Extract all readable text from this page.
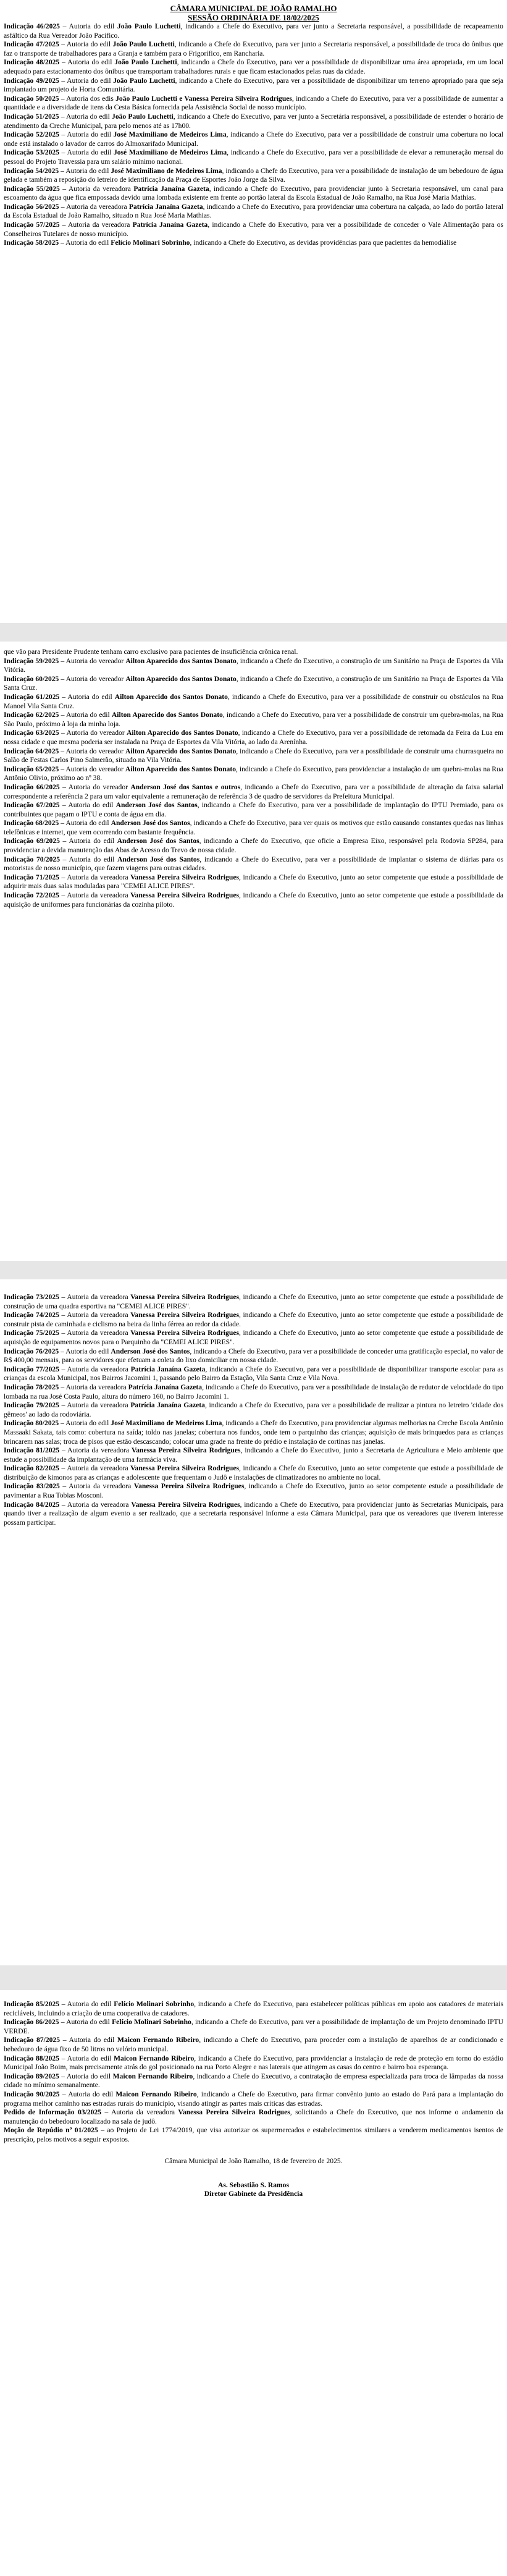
CÂMARA MUNICIPAL DE JOÃO RAMALHO
SESSÃO ORDINÁRIA DE 18/02/2025

Indicação 46/2025 – Autoria do edil João Paulo Luchetti, indicando a Chefe do Executivo, para ver junto a Secretaria responsável, a possibilidade de recapeamento asfáltico da Rua Vereador João Pacífico.

Indicação 47/2025 – Autoria do edil João Paulo Luchetti, indicando a Chefe do Executivo, para ver junto a Secretaria responsável, a possibilidade de troca do ônibus que faz o transporte de trabalhadores para a Granja e também para o Frigorífico, em Rancharia.

Indicação 48/2025 – Autoria do edil João Paulo Luchetti, indicando a Chefe do Executivo, para ver a possibilidade de disponibilizar uma área apropriada, em um local adequado para estacionamento dos ônibus que transportam trabalhadores rurais e que ficam estacionados pelas ruas da cidade.

Indicação 49/2025 – Autoria do edil João Paulo Luchetti, indicando a Chefe do Executivo, para ver a possibilidade de disponibilizar um terreno apropriado para que seja implantado um projeto de Horta Comunitária.

Indicação 50/2025 – Autoria dos edis João Paulo Luchetti e Vanessa Pereira Silveira Rodrigues, indicando a Chefe do Executivo, para ver a possibilidade de aumentar a quantidade e a diversidade de itens da Cesta Básica fornecida pela Assistência Social de nosso município.

Indicação 51/2025 – Autoria do edil João Paulo Luchetti, indicando a Chefe do Executivo, para ver junto a Secretária responsável, a possibilidade de estender o horário de atendimento da Creche Municipal, para pelo menos até as 17h00.

Indicação 52/2025 – Autoria do edil José Maximiliano de Medeiros Lima, indicando a Chefe do Executivo, para ver a possibilidade de construir uma cobertura no local onde está instalado o lavador de carros do Almoxarifado Municipal.

Indicação 53/2025 – Autoria do edil José Maximiliano de Medeiros Lima, indicando a Chefe do Executivo, para ver a possibilidade de elevar a remuneração mensal do pessoal do Projeto Travessia para um salário mínimo nacional.

Indicação 54/2025 – Autoria do edil José Maximiliano de Medeiros Lima, indicando a Chefe do Executivo, para ver a possibilidade de instalação de um bebedouro de água gelada e também a reposição do letreiro de identificação da Praça de Esportes João Jorge da Silva.

Indicação 55/2025 – Autoria da vereadora Patrícia Janaína Gazeta, indicando a Chefe do Executivo, para providenciar junto à Secretaria responsável, um canal para escoamento da água que fica empossada devido uma lombada existente em frente ao portão lateral da Escola Estadual de João Ramalho, na Rua José Maria Mathias.

Indicação 56/2025 – Autoria da vereadora Patrícia Janaína Gazeta, indicando a Chefe do Executivo, para providenciar uma cobertura na calçada, ao lado do portão lateral da Escola Estadual de João Ramalho, situado n Rua José Maria Mathias.

Indicação 57/2025 – Autoria da vereadora Patrícia Janaína Gazeta, indicando a Chefe do Executivo, para ver a possibilidade de conceder o Vale Alimentação para os Conselheiros Tutelares de nosso município.

Indicação 58/2025 – Autoria do edil Felício Molinari Sobrinho, indicando a Chefe do Executivo, as devidas providências para que pacientes da hemodiálise

que vão para Presidente Prudente tenham carro exclusivo para pacientes de insuficiência crônica renal.

Indicação 59/2025 – Autoria do vereador Ailton Aparecido dos Santos Donato, indicando a Chefe do Executivo, a construção de um Sanitário na Praça de Esportes da Vila Vitória.

Indicação 60/2025 – Autoria do vereador Ailton Aparecido dos Santos Donato, indicando a Chefe do Executivo, a construção de um Sanitário na Praça de Esportes da Vila Santa Cruz.

Indicação 61/2025 – Autoria do edil Ailton Aparecido dos Santos Donato, indicando a Chefe do Executivo, para ver a possibilidade de construir ou obstáculos na Rua Manoel Vila Santa Cruz.

Indicação 62/2025 – Autoria do edil Ailton Aparecido dos Santos Donato, indicando a Chefe do Executivo, para ver a possibilidade de construir um quebra-molas, na Rua São Paulo, próximo à loja da minha loja.

Indicação 63/2025 – Autoria do vereador Ailton Aparecido dos Santos Donato, indicando a Chefe do Executivo, para ver a possibilidade de retomada da Feira da Lua em nossa cidade e que mesma poderia ser instalada na Praça de Esportes da Vila Vitória, ao lado da Arenínha.

Indicação 64/2025 – Autoria do vereador Ailton Aparecido dos Santos Donato, indicando a Chefe do Executivo, para ver a possibilidade de construir uma churrasqueira no Salão de Festas Carlos Pino Salmerão, situado na Vila Vitória.

Indicação 65/2025 – Autoria do vereador Ailton Aparecido dos Santos Donato, indicando a Chefe do Executivo, para providenciar a instalação de um quebra-molas na Rua Antônio Olivio, próximo ao nº 38.

Indicação 66/2025 – Autoria do vereador Anderson José dos Santos e outros, indicando a Chefe do Executivo, para ver a possibilidade de alteração da faixa salarial correspondente a referência 2 para um valor equivalente a remuneração de referência 3 de quadro de servidores da Prefeitura Municipal.

Indicação 67/2025 – Autoria do edil Anderson José dos Santos, indicando a Chefe do Executivo, para ver a possibilidade de implantação do IPTU Premiado, para os contribuintes que pagam o IPTU e conta de água em dia.

Indicação 68/2025 – Autoria do edil Anderson José dos Santos, indicando a Chefe do Executivo, para ver quais os motivos que estão causando constantes quedas nas linhas telefônicas e internet, que vem ocorrendo com bastante frequência.

Indicação 69/2025 – Autoria do edil Anderson José dos Santos, indicando a Chefe do Executivo, que oficie a Empresa Eixo, responsável pela Rodovia SP284, para providenciar a devida manutenção das Abas de Acesso do Trevo de nossa cidade.

Indicação 70/2025 – Autoria do edil Anderson José dos Santos, indicando a Chefe do Executivo, para ver a possibilidade de implantar o sistema de diárias para os motoristas de nosso município, que fazem viagens para outras cidades.

Indicação 71/2025 – Autoria da vereadora Vanessa Pereira Silveira Rodrigues, indicando a Chefe do Executivo, junto ao setor competente que estude a possibilidade de adquirir mais duas salas moduladas para "CEMEI ALICE PIRES".

Indicação 72/2025 – Autoria da vereadora Vanessa Pereira Silveira Rodrigues, indicando a Chefe do Executivo, junto ao setor competente que estude a possibilidade da aquisição de uniformes para funcionárias da cozinha piloto.

Indicação 73/2025 – Autoria da vereadora Vanessa Pereira Silveira Rodrigues, indicando a Chefe do Executivo, junto ao setor competente que estude a possibilidade de construção de uma quadra esportiva na "CEMEI ALICE PIRES".

Indicação 74/2025 – Autoria da vereadora Vanessa Pereira Silveira Rodrigues, indicando a Chefe do Executivo, junto ao setor competente que estude a possibilidade de construir pista de caminhada e ciclismo na beira da linha férrea ao redor da cidade.

Indicação 75/2025 – Autoria da vereadora Vanessa Pereira Silveira Rodrigues, indicando a Chefe do Executivo, junto ao setor competente que estude a possibilidade de aquisição de equipamentos novos para o Parquinho da "CEMEI ALICE PIRES".

Indicação 76/2025 – Autoria do edil Anderson José dos Santos, indicando a Chefe do Executivo, para ver a possibilidade de conceder uma gratificação especial, no valor de R$ 400,00 mensais, para os servidores que efetuam a coleta do lixo domiciliar em nossa cidade.

Indicação 77/2025 – Autoria da vereadora Patrícia Janaína Gazeta, indicando a Chefe do Executivo, para ver a possibilidade de disponibilizar transporte escolar para as crianças da escola Municipal, nos Bairros Jacomini 1, passando pelo Bairro da Estação, Vila Santa Cruz e Vila Nova.

Indicação 78/2025 – Autoria da vereadora Patrícia Janaína Gazeta, indicando a Chefe do Executivo, para ver a possibilidade de instalação de redutor de velocidade do tipo lombada na rua José Costa Paulo, altura do número 160, no Bairro Jacomini 1.

Indicação 79/2025 – Autoria da vereadora Patrícia Janaína Gazeta, indicando a Chefe do Executivo, para ver a possibilidade de realizar a pintura no letreiro 'cidade dos gêmeos' ao lado da rodoviária.

Indicação 80/2025 – Autoria do edil José Maximiliano de Medeiros Lima, indicando a Chefe do Executivo, para providenciar algumas melhorias na Creche Escola Antônio Massaaki Sakata, tais como: cobertura na saída; toldo nas janelas; cobertura nos fundos, onde tem o parquinho das crianças; aquisição de mais brinquedos para as crianças brincarem nas salas; troca de pisos que estão descascando; colocar uma grade na frente do prédio e instalação de cortinas nas janelas.

Indicação 81/2025 – Autoria da vereadora Vanessa Pereira Silveira Rodrigues, indicando a Chefe do Executivo, junto a Secretaria de Agricultura e Meio ambiente que estude a possibilidade da implantação de uma farmácia viva.

Indicação 82/2025 – Autoria da vereadora Vanessa Pereira Silveira Rodrigues, indicando a Chefe do Executivo, junto ao setor competente que estude a possibilidade de distribuição de kimonos para as crianças e adolescente que frequentam o Judô e instalações de climatizadores no ambiente no local.

Indicação 83/2025 – Autoria da vereadora Vanessa Pereira Silveira Rodrigues, indicando a Chefe do Executivo, junto ao setor competente estude a possibilidade de pavimentar a Rua Tobias Mosconi.

Indicação 84/2025 – Autoria da vereadora Vanessa Pereira Silveira Rodrigues, indicando a Chefe do Executivo, para providenciar junto às Secretarias Municipais, para quando tiver a realização de algum evento a ser realizado, que a secretaria responsável informe a esta Câmara Municipal, para que os vereadores que tiverem interesse possam participar.

Indicação 85/2025 – Autoria do edil Felício Molinari Sobrinho, indicando a Chefe do Executivo, para estabelecer políticas públicas em apoio aos catadores de materiais recicláveis, incluindo a criação de uma cooperativa de catadores.

Indicação 86/2025 – Autoria do edil Felício Molinari Sobrinho, indicando a Chefe do Executivo, para ver a possibilidade de implantação de um Projeto denominado IPTU VERDE.

Indicação 87/2025 – Autoria do edil Maicon Fernando Ribeiro, indicando a Chefe do Executivo, para proceder com a instalação de aparelhos de ar condicionado e bebedouro de água fixo de 50 litros no velório municipal.

Indicação 88/2025 – Autoria do edil Maicon Fernando Ribeiro, indicando a Chefe do Executivo, para providenciar a instalação de rede de proteção em torno do estádio Municipal João Boim, mais precisamente atrás do gol posicionado na rua Porto Alegre e nas laterais que atingem as casas do centro e bairro boa esperança.

Indicação 89/2025 – Autoria do edil Maicon Fernando Ribeiro, indicando a Chefe do Executivo, a contratação de empresa especializada para troca de lâmpadas da nossa cidade no mínimo semanalmente.

Indicação 90/2025 – Autoria do edil Maicon Fernando Ribeiro, indicando a Chefe do Executivo, para firmar convênio junto ao estado do Pará para a implantação do programa melhor caminho nas estradas rurais do município, visando atingir as partes mais críticas das estradas.

Pedido de Informação 03/2025 – Autoria da vereadora Vanessa Pereira Silveira Rodrigues, solicitando a Chefe do Executivo, que nos informe o andamento da manutenção do bebedouro localizado na sala de judô.

Moção de Repúdio nº 01/2025 – ao Projeto de Lei 1774/2019, que visa autorizar os supermercados e estabelecimentos similares a venderem medicamentos isentos de prescrição, pelos motivos a seguir expostos.

Câmara Municipal de João Ramalho, 18 de fevereiro de 2025.
As. Sebastião S. Ramos
Diretor Gabinete da Presidência
